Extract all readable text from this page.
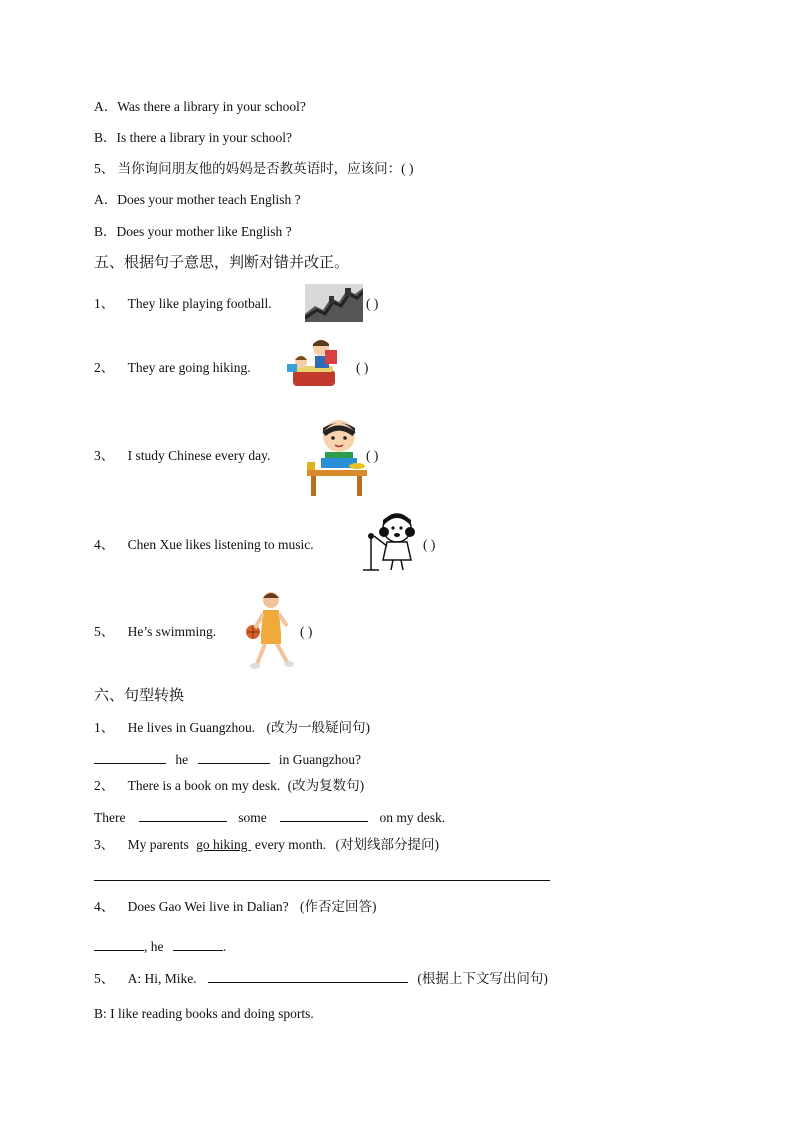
A．Was there a library in your school?
B．Is there a library in your school?
5、 当你询问朋友他的妈妈是否教英语时，应该问：( )
A．Does your mother teach English ?
B．Does your mother like English ?
五、根据句子意思，判断对错并改正。
1、 They like playing football.	( )
2、 They are going hiking.	( )
3、 I study Chinese every day.	( )
4、 Chen Xue likes listening to music.	( )
5、 He’s swimming.	( )
六、句型转换
1、 He lives in Guangzhou. (改为一般疑问句)
he	in Guangzhou?
2、 There is a book on my desk. (改为复数句)
There	some	on my desk.
3、 My parents go hiking every month. (对划线部分提问)
4、 Does Gao Wei live in Dalian? (作否定回答)
, he	.
5、 A: Hi, Mike.	(根据上下文写出问句)
B: I like reading books and doing sports.
